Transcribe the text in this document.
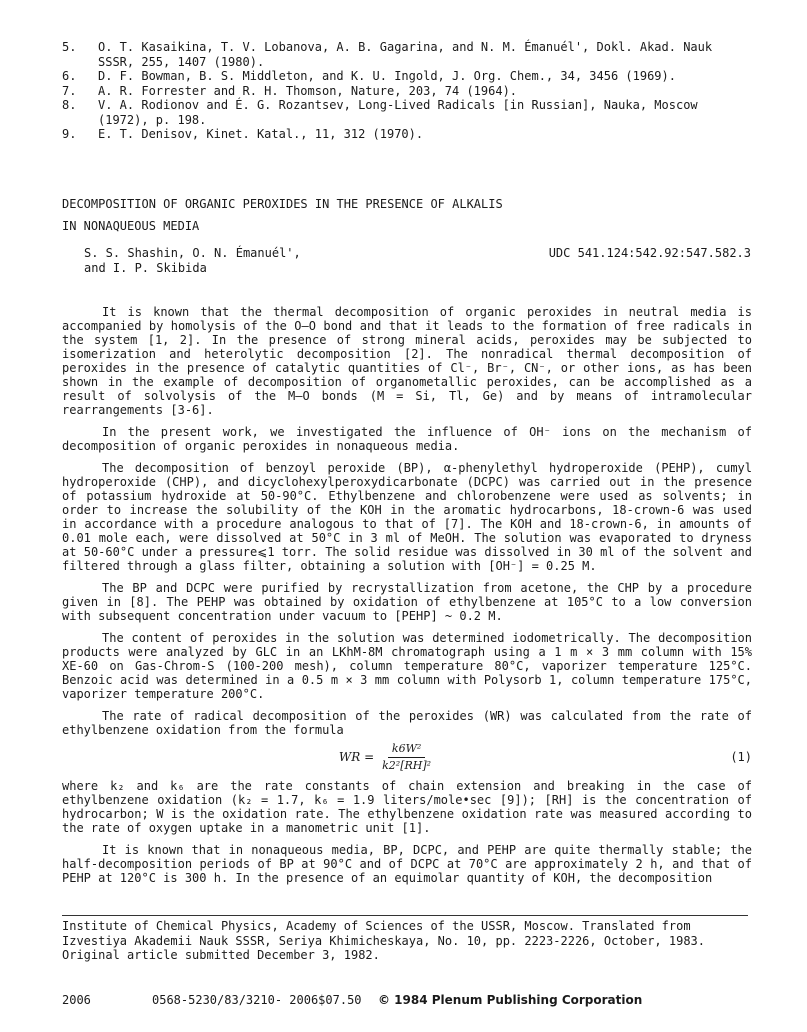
5.	O. T. Kasaikina, T. V. Lobanova, A. B. Gagarina, and N. M. Émanuél', Dokl. Akad. Nauk SSSR, 255, 1407 (1980).
6.	D. F. Bowman, B. S. Middleton, and K. U. Ingold, J. Org. Chem., 34, 3456 (1969).
7.	A. R. Forrester and R. H. Thomson, Nature, 203, 74 (1964).
8.	V. A. Rodionov and É. G. Rozantsev, Long-Lived Radicals [in Russian], Nauka, Moscow (1972), p. 198.
9.	E. T. Denisov, Kinet. Katal., 11, 312 (1970).
DECOMPOSITION OF ORGANIC PEROXIDES IN THE PRESENCE OF ALKALIS
IN NONAQUEOUS MEDIA
S. S. Shashin, O. N. Émanuél',
and I. P. Skibida
UDC 541.124:542.92:547.582.3

It is known that the thermal decomposition of organic peroxides in neutral media is accompanied by homolysis of the O–O bond and that it leads to the formation of free radicals in the system [1, 2]. In the presence of strong mineral acids, peroxides may be subjected to isomerization and heterolytic decomposition [2]. The nonradical thermal decomposition of peroxides in the presence of catalytic quantities of Cl⁻, Br⁻, CN⁻, or other ions, as has been shown in the example of decomposition of organometallic peroxides, can be accomplished as a result of solvolysis of the M–O bonds (M = Si, Tl, Ge) and by means of intramolecular rearrangements [3-6].

In the present work, we investigated the influence of OH⁻ ions on the mechanism of decomposition of organic peroxides in nonaqueous media.

The decomposition of benzoyl peroxide (BP), α-phenylethyl hydroperoxide (PEHP), cumyl hydroperoxide (CHP), and dicyclohexylperoxydicarbonate (DCPC) was carried out in the presence of potassium hydroxide at 50-90°C. Ethylbenzene and chlorobenzene were used as solvents; in order to increase the solubility of the KOH in the aromatic hydrocarbons, 18-crown-6 was used in accordance with a procedure analogous to that of [7]. The KOH and 18-crown-6, in amounts of 0.01 mole each, were dissolved at 50°C in 3 ml of MeOH. The solution was evaporated to dryness at 50-60°C under a pressure⩽1 torr. The solid residue was dissolved in 30 ml of the solvent and filtered through a glass filter, obtaining a solution with [OH⁻] = 0.25 M.

The BP and DCPC were purified by recrystallization from acetone, the CHP by a procedure given in [8]. The PEHP was obtained by oxidation of ethylbenzene at 105°C to a low conversion with subsequent concentration under vacuum to [PEHP] ~ 0.2 M.

The content of peroxides in the solution was determined iodometrically. The decomposition products were analyzed by GLC in an LKhM-8M chromatograph using a 1 m × 3 mm column with 15% XE-60 on Gas-Chrom-S (100-200 mesh), column temperature 80°C, vaporizer temperature 125°C. Benzoic acid was determined in a 0.5 m × 3 mm column with Polysorb 1, column temperature 175°C, vaporizer temperature 200°C.

The rate of radical decomposition of the peroxides (WR) was calculated from the rate of ethylbenzene oxidation from the formula

WR = $\frac{\text{k6W²}}{\text{k2²[RH]²}}$	(1)

where k₂ and k₆ are the rate constants of chain extension and breaking in the case of ethylbenzene oxidation (k₂ = 1.7, k₆ = 1.9 liters/mole•sec [9]); [RH] is the concentration of hydrocarbon; W is the oxidation rate. The ethylbenzene oxidation rate was measured according to the rate of oxygen uptake in a manometric unit [1].

It is known that in nonaqueous media, BP, DCPC, and PEHP are quite thermally stable; the half-decomposition periods of BP at 90°C and of DCPC at 70°C are approximately 2 h, and that of PEHP at 120°C is 300 h. In the presence of an equimolar quantity of KOH, the decomposition

Institute of Chemical Physics, Academy of Sciences of the USSR, Moscow. Translated from Izvestiya Akademii Nauk SSSR, Seriya Khimicheskaya, No. 10, pp. 2223-2226, October, 1983. Original article submitted December 3, 1982.
2006	0568-5230/83/3210- 2006$07.50	© 1984 Plenum Publishing Corporation
